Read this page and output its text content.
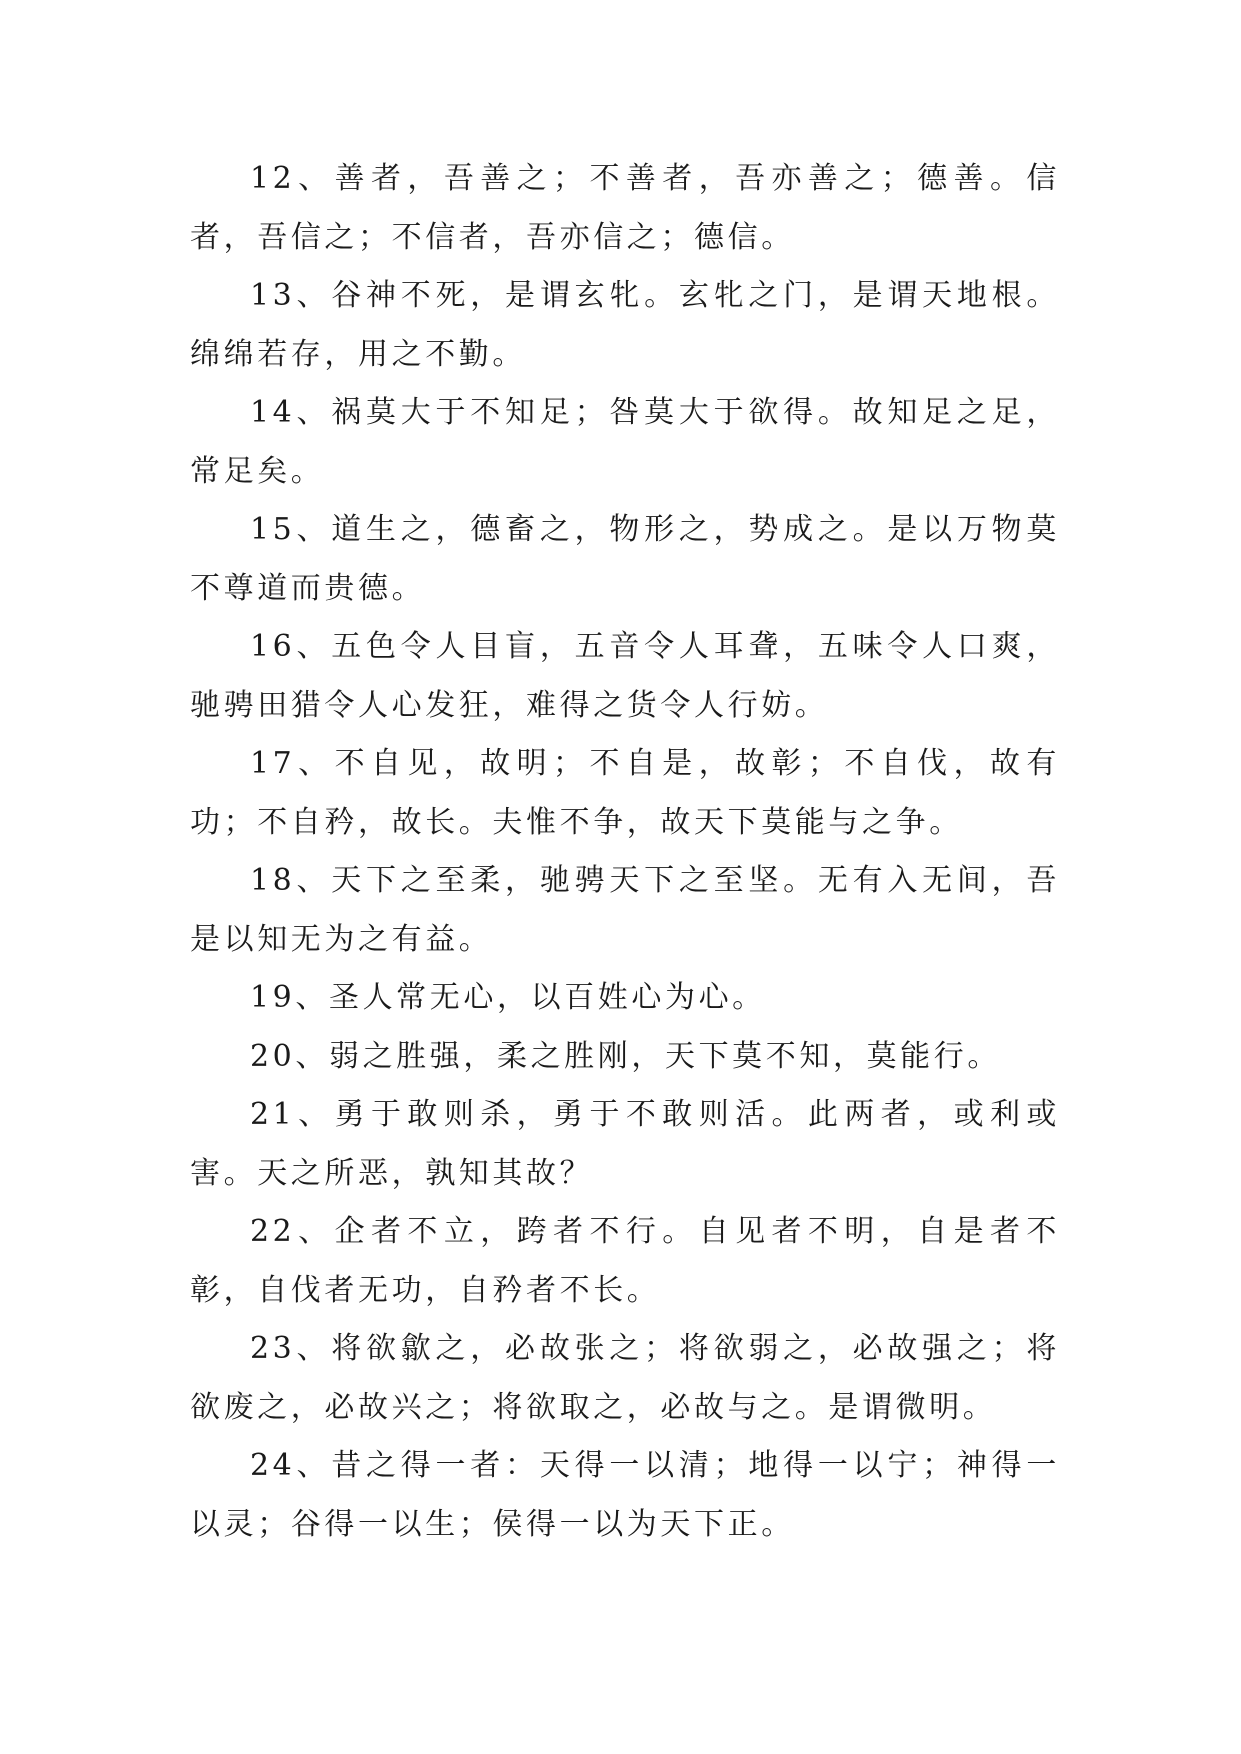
12、善者，吾善之；不善者，吾亦善之；德善。信者，吾信之；不信者，吾亦信之；德信。

13、谷神不死，是谓玄牝。玄牝之门，是谓天地根。绵绵若存，用之不勤。

14、祸莫大于不知足；咎莫大于欲得。故知足之足，常足矣。

15、道生之，德畜之，物形之，势成之。是以万物莫不尊道而贵德。

16、五色令人目盲，五音令人耳聋，五味令人口爽，驰骋田猎令人心发狂，难得之货令人行妨。

17、不自见，故明；不自是，故彰；不自伐，故有功；不自矜，故长。夫惟不争，故天下莫能与之争。

18、天下之至柔，驰骋天下之至坚。无有入无间，吾是以知无为之有益。

19、圣人常无心，以百姓心为心。

20、弱之胜强，柔之胜刚，天下莫不知，莫能行。

21、勇于敢则杀，勇于不敢则活。此两者，或利或害。天之所恶，孰知其故？

22、企者不立，跨者不行。自见者不明，自是者不彰，自伐者无功，自矜者不长。

23、将欲歙之，必故张之；将欲弱之，必故强之；将欲废之，必故兴之；将欲取之，必故与之。是谓微明。

24、昔之得一者：天得一以清；地得一以宁；神得一以灵；谷得一以生；侯得一以为天下正。
